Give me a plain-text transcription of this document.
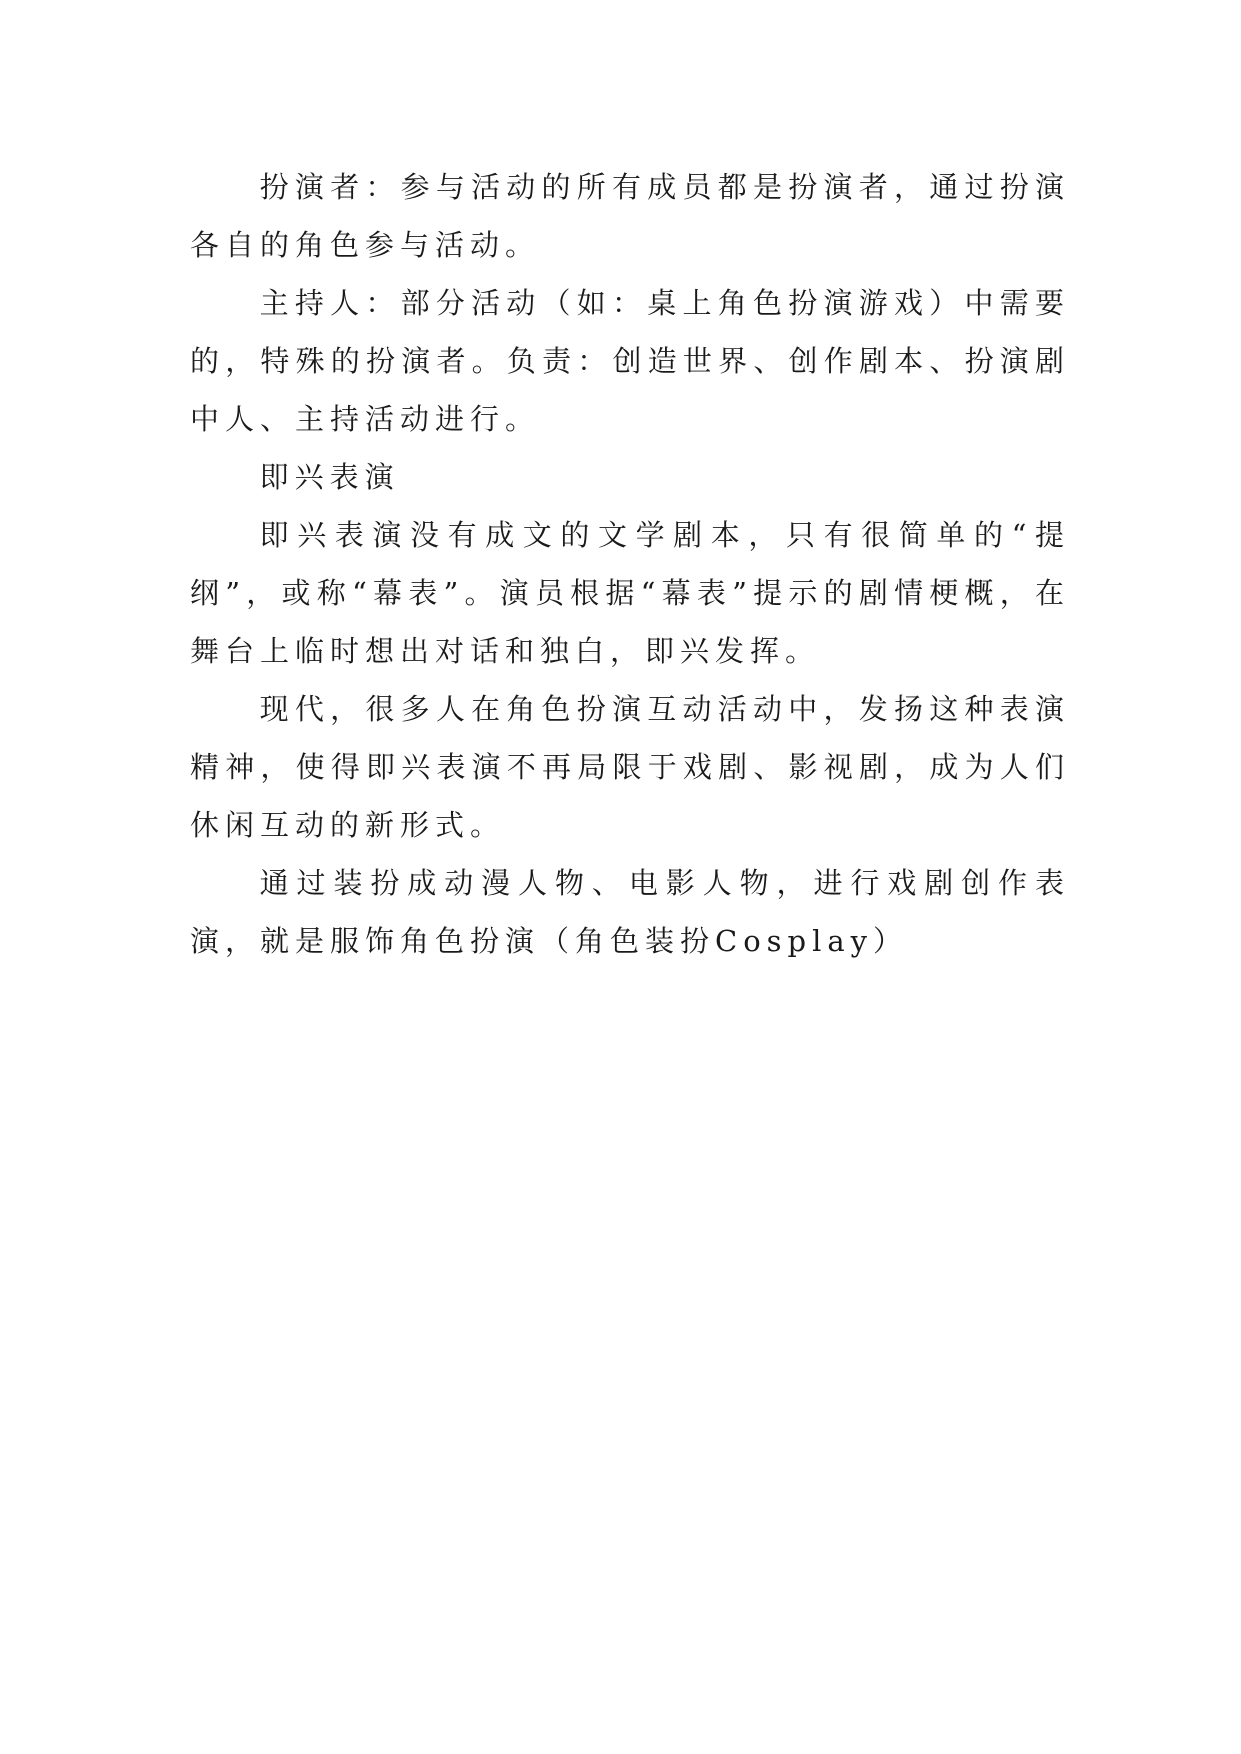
扮演者：参与活动的所有成员都是扮演者，通过扮演各自的角色参与活动。

主持人：部分活动（如：桌上角色扮演游戏）中需要的，特殊的扮演者。负责：创造世界、创作剧本、扮演剧中人、主持活动进行。

即兴表演

即兴表演没有成文的文学剧本，只有很简单的“提纲”，或称“幕表”。演员根据“幕表”提示的剧情梗概，在舞台上临时想出对话和独白，即兴发挥。

现代，很多人在角色扮演互动活动中，发扬这种表演精神，使得即兴表演不再局限于戏剧、影视剧，成为人们休闲互动的新形式。

通过装扮成动漫人物、电影人物，进行戏剧创作表演，就是服饰角色扮演（角色装扮Cosplay）
